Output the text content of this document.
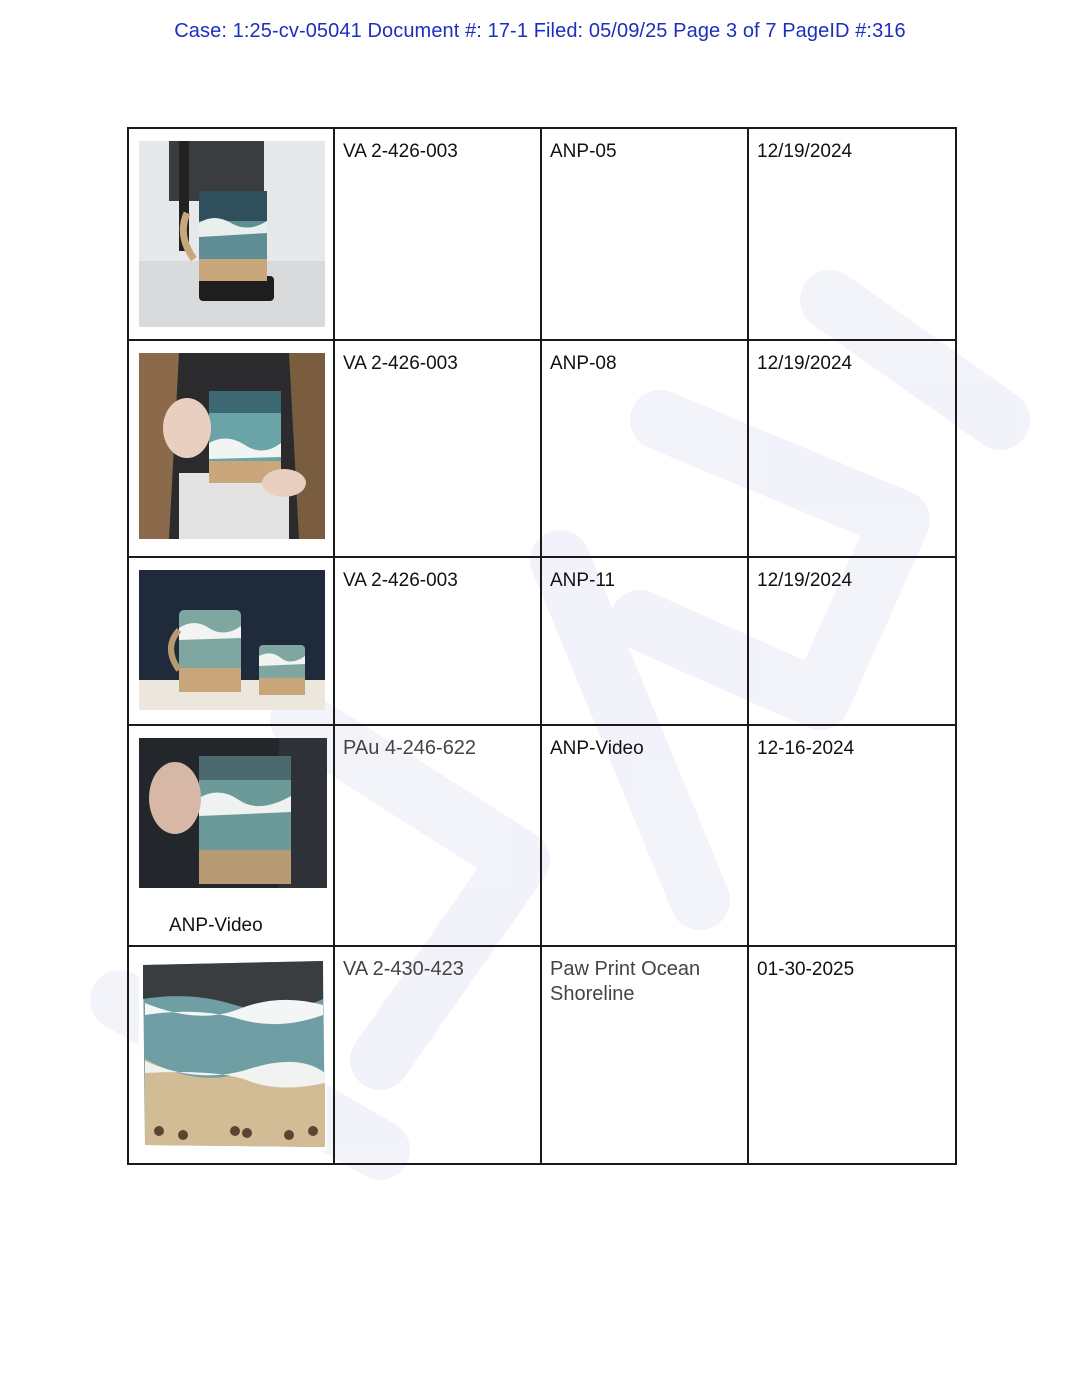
Case: 1:25-cv-05041 Document #: 17-1 Filed: 05/09/25 Page 3 of 7 PageID #:316
	VA 2-426-003	ANP-05	12/19/2024

	VA 2-426-003	ANP-08	12/19/2024

	VA 2-426-003	ANP-11	12/19/2024

ANP-Video	PAu 4-246-622	ANP-Video	12-16-2024

	VA 2-430-423	Paw Print Ocean Shoreline	01-30-2025
